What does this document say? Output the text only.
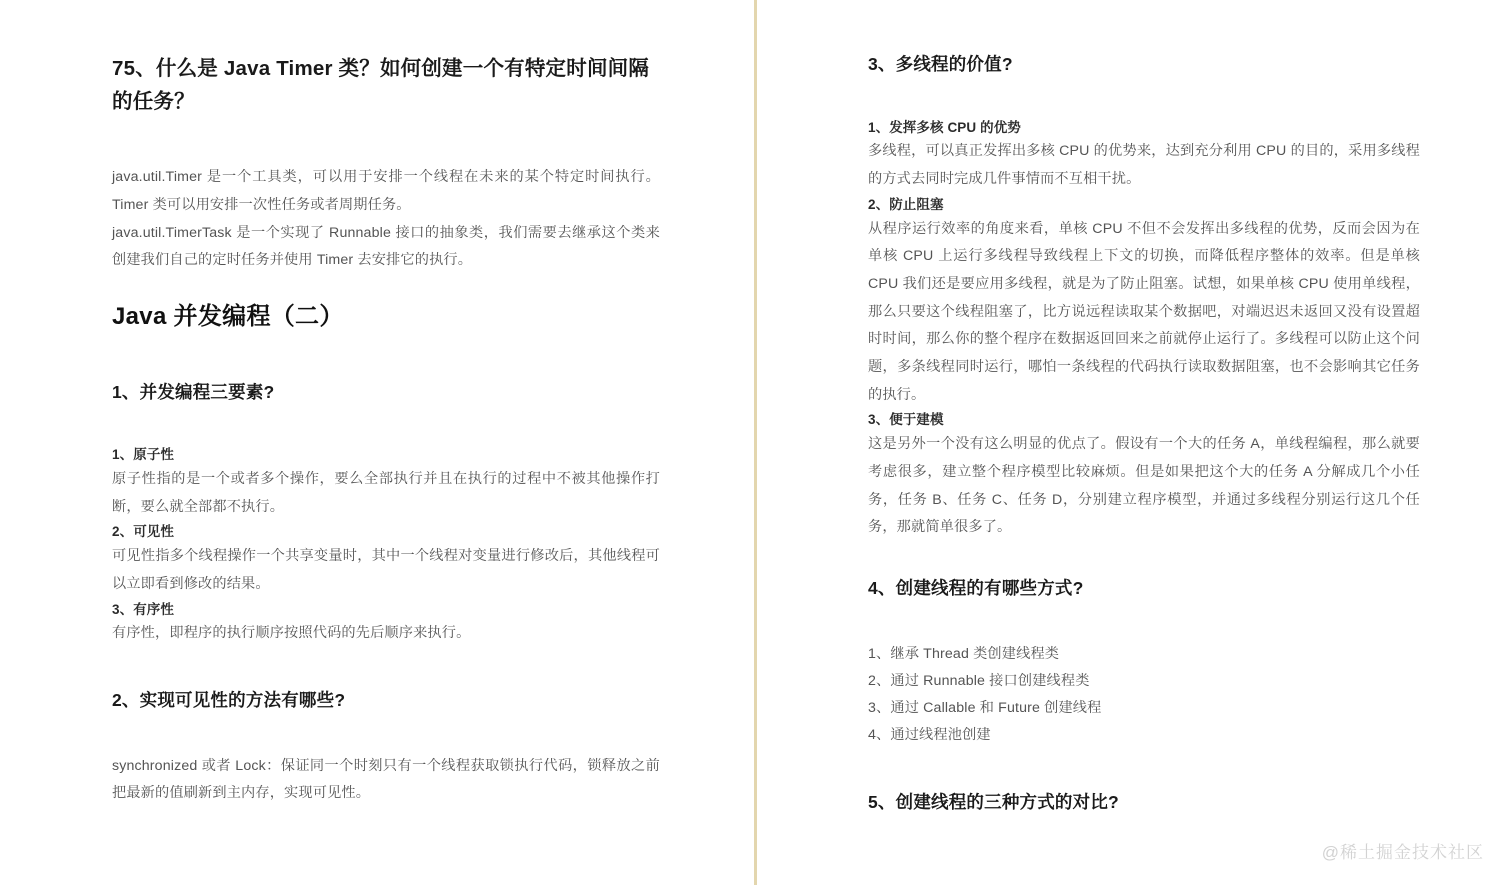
75、什么是 Java Timer 类？如何创建一个有特定时间间隔的任务？

java.util.Timer 是一个工具类，可以用于安排一个线程在未来的某个特定时间执行。Timer 类可以用安排一次性任务或者周期任务。

java.util.TimerTask 是一个实现了 Runnable 接口的抽象类，我们需要去继承这个类来创建我们自己的定时任务并使用 Timer 去安排它的执行。

Java 并发编程（二）
1、并发编程三要素?

1、原子性

原子性指的是一个或者多个操作，要么全部执行并且在执行的过程中不被其他操作打断，要么就全部都不执行。

2、可见性

可见性指多个线程操作一个共享变量时，其中一个线程对变量进行修改后，其他线程可以立即看到修改的结果。

3、有序性

有序性，即程序的执行顺序按照代码的先后顺序来执行。

2、实现可见性的方法有哪些?

synchronized 或者 Lock：保证同一个时刻只有一个线程获取锁执行代码，锁释放之前把最新的值刷新到主内存，实现可见性。

3、多线程的价值?

1、发挥多核 CPU 的优势

多线程，可以真正发挥出多核 CPU 的优势来，达到充分利用 CPU 的目的，采用多线程的方式去同时完成几件事情而不互相干扰。

2、防止阻塞

从程序运行效率的角度来看，单核 CPU 不但不会发挥出多线程的优势，反而会因为在单核 CPU 上运行多线程导致线程上下文的切换，而降低程序整体的效率。但是单核 CPU 我们还是要应用多线程，就是为了防止阻塞。试想，如果单核 CPU 使用单线程，那么只要这个线程阻塞了，比方说远程读取某个数据吧，对端迟迟未返回又没有设置超时时间，那么你的整个程序在数据返回回来之前就停止运行了。多线程可以防止这个问题，多条线程同时运行，哪怕一条线程的代码执行读取数据阻塞，也不会影响其它任务的执行。

3、便于建模

这是另外一个没有这么明显的优点了。假设有一个大的任务 A，单线程编程，那么就要考虑很多，建立整个程序模型比较麻烦。但是如果把这个大的任务 A 分解成几个小任务，任务 B、任务 C、任务 D，分别建立程序模型，并通过多线程分别运行这几个任务，那就简单很多了。

4、创建线程的有哪些方式?

1、继承 Thread 类创建线程类

2、通过 Runnable 接口创建线程类

3、通过 Callable 和 Future 创建线程

4、通过线程池创建

5、创建线程的三种方式的对比?
@稀土掘金技术社区
